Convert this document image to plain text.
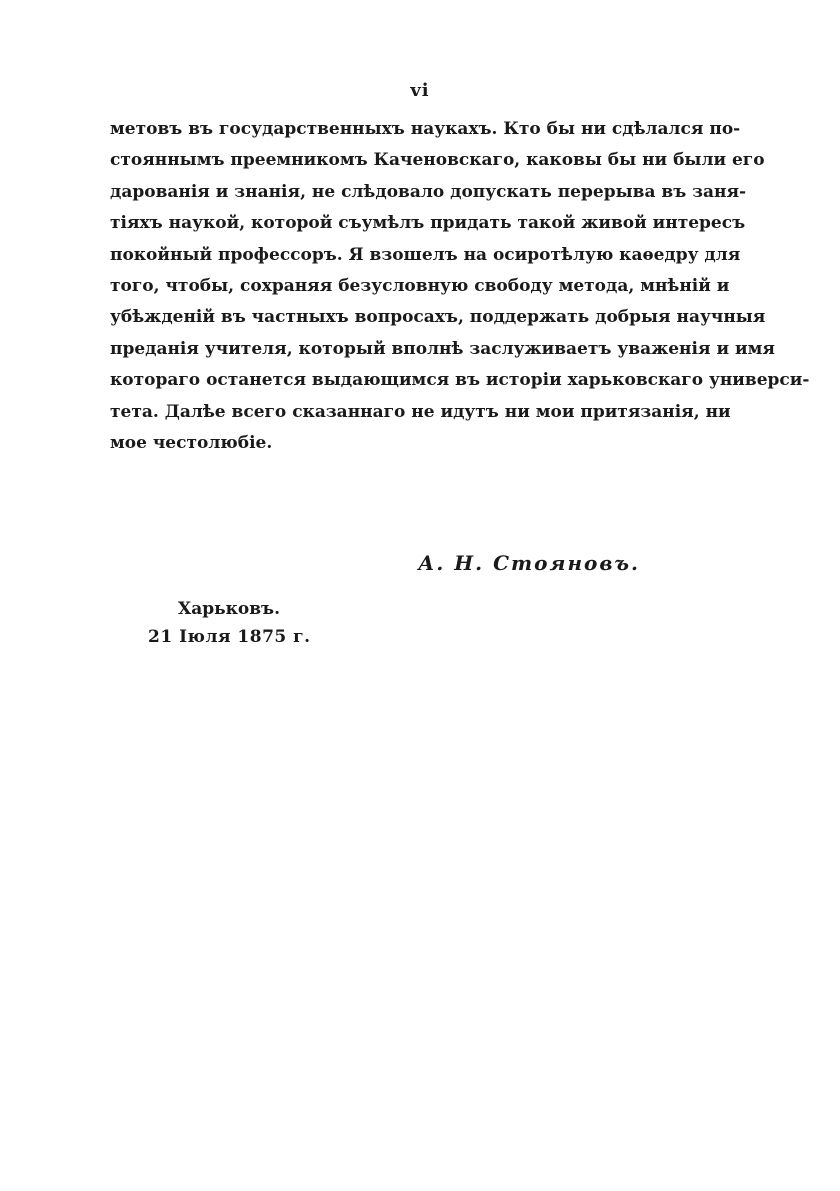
vi
метовъ въ государственныхъ наукахъ. Кто бы ни сдѣлался по-
стояннымъ преемникомъ Каченовскаго, каковы бы ни были его
дарованія и знанія, не слѣдовало допускать перерыва въ заня-
тіяхъ наукой, которой съумѣлъ придать такой живой интересъ
покойный профессоръ. Я взошелъ на осиротѣлую каѳедру для
того, чтобы, сохраняя безусловную свободу метода, мнѣній и
убѣжденій въ частныхъ вопросахъ, поддержать добрыя научныя
преданія учителя, который вполнѣ заслуживаетъ уваженія и имя
котораго останется выдающимся въ исторіи харьковскаго универси-
тета. Далѣе всего сказаннаго не идутъ ни мои притязанія, ни
мое честолюбіе.
А. Н. Стояновъ.
Харьковъ.
21 Іюля 1875 г.
